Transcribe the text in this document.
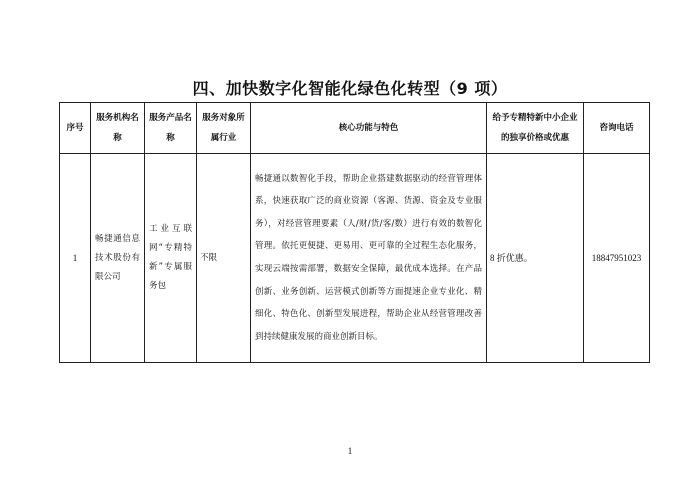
四、加快数字化智能化绿色化转型（9 项）
序号	服务机构名称	服务产品名称	服务对象所属行业	核心功能与特色	给予专精特新中小企业的独享价格或优惠	咨询电话
1	畅捷通信息技术股份有限公司	工业互联网“专精特新”专属服务包	不限	畅捷通以数智化手段，帮助企业搭建数据驱动的经营管理体系，快速获取广泛的商业资源（客源、货源、资金及专业服务），对经营管理要素（人/财/货/客/数）进行有效的数智化管理。依托更便捷、更易用、更可靠的全过程生态化服务，实现云端按需部署，数据安全保障，最优成本选择。在产品创新、业务创新、运营模式创新等方面提速企业专业化、精细化、特色化、创新型发展进程，帮助企业从经营管理改善到持续健康发展的商业创新目标。	8 折优惠。	18847951023
1
